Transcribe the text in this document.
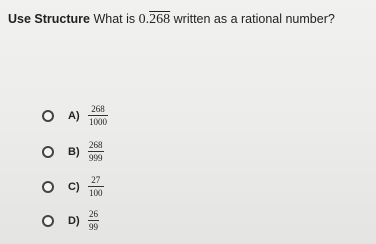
Use Structure What is 0.268 written as a rational number?
$A) \frac{268}{1000}$
$B) \frac{268}{999}$
$C) \frac{27}{100}$
$D) \frac{26}{99}$
